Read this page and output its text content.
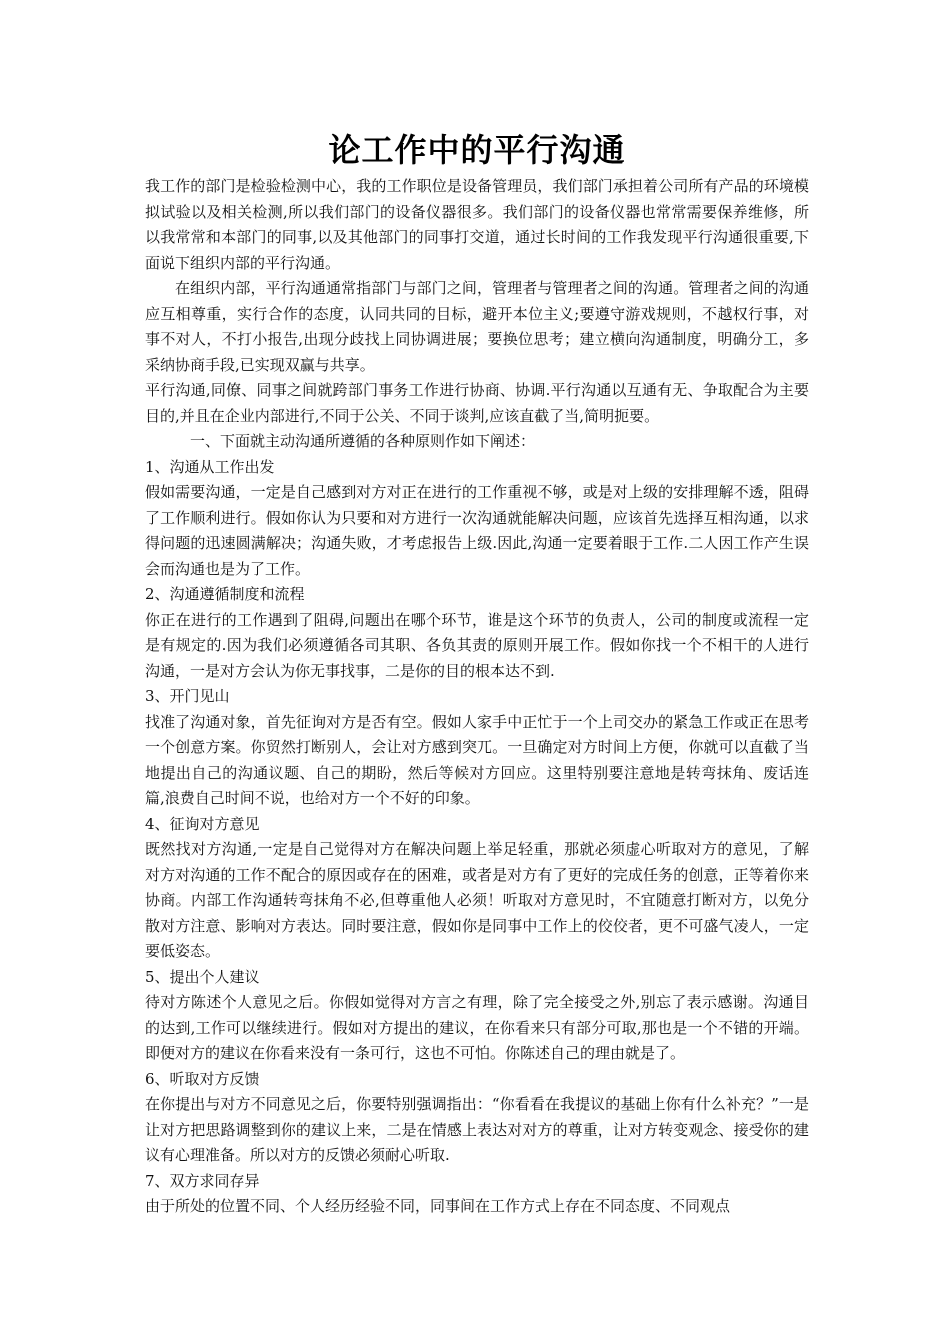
论工作中的平行沟通

我工作的部门是检验检测中心，我的工作职位是设备管理员，我们部门承担着公司所有产品的环境模拟试验以及相关检测,所以我们部门的设备仪器很多。我们部门的设备仪器也常常需要保养维修，所以我常常和本部门的同事,以及其他部门的同事打交道，通过长时间的工作我发现平行沟通很重要,下面说下组织内部的平行沟通。

在组织内部，平行沟通通常指部门与部门之间，管理者与管理者之间的沟通。管理者之间的沟通应互相尊重，实行合作的态度，认同共同的目标，避开本位主义;要遵守游戏规则，不越权行事，对事不对人，不打小报告,出现分歧找上同协调进展；要换位思考；建立横向沟通制度，明确分工，多采纳协商手段,已实现双赢与共享。

平行沟通,同僚、同事之间就跨部门事务工作进行协商、协调.平行沟通以互通有无、争取配合为主要目的,并且在企业内部进行,不同于公关、不同于谈判,应该直截了当,简明扼要。

一、下面就主动沟通所遵循的各种原则作如下阐述：

1、沟通从工作出发

假如需要沟通，一定是自己感到对方对正在进行的工作重视不够，或是对上级的安排理解不透，阻碍了工作顺利进行。假如你认为只要和对方进行一次沟通就能解决问题，应该首先选择互相沟通，以求得问题的迅速圆满解决；沟通失败，才考虑报告上级.因此,沟通一定要着眼于工作.二人因工作产生误会而沟通也是为了工作。

2、沟通遵循制度和流程

你正在进行的工作遇到了阻碍,问题出在哪个环节，谁是这个环节的负责人，公司的制度或流程一定是有规定的.因为我们必须遵循各司其职、各负其责的原则开展工作。假如你找一个不相干的人进行沟通，一是对方会认为你无事找事，二是你的目的根本达不到.

3、开门见山

找准了沟通对象，首先征询对方是否有空。假如人家手中正忙于一个上司交办的紧急工作或正在思考一个创意方案。你贸然打断别人，会让对方感到突兀。一旦确定对方时间上方便，你就可以直截了当地提出自己的沟通议题、自己的期盼，然后等候对方回应。这里特别要注意地是转弯抹角、废话连篇,浪费自己时间不说，也给对方一个不好的印象。

4、征询对方意见

既然找对方沟通,一定是自己觉得对方在解决问题上举足轻重，那就必须虚心听取对方的意见，了解对方对沟通的工作不配合的原因或存在的困难，或者是对方有了更好的完成任务的创意，正等着你来协商。内部工作沟通转弯抹角不必,但尊重他人必须！听取对方意见时，不宜随意打断对方，以免分散对方注意、影响对方表达。同时要注意，假如你是同事中工作上的佼佼者，更不可盛气凌人，一定要低姿态。

5、提出个人建议

待对方陈述个人意见之后。你假如觉得对方言之有理，除了完全接受之外,别忘了表示感谢。沟通目的达到,工作可以继续进行。假如对方提出的建议，在你看来只有部分可取,那也是一个不错的开端。即便对方的建议在你看来没有一条可行，这也不可怕。你陈述自己的理由就是了。

6、听取对方反馈

在你提出与对方不同意见之后，你要特别强调指出：“你看看在我提议的基础上你有什么补充？”一是让对方把思路调整到你的建议上来，二是在情感上表达对对方的尊重，让对方转变观念、接受你的建议有心理准备。所以对方的反馈必须耐心听取.

7、双方求同存异

由于所处的位置不同、个人经历经验不同，同事间在工作方式上存在不同态度、不同观点
